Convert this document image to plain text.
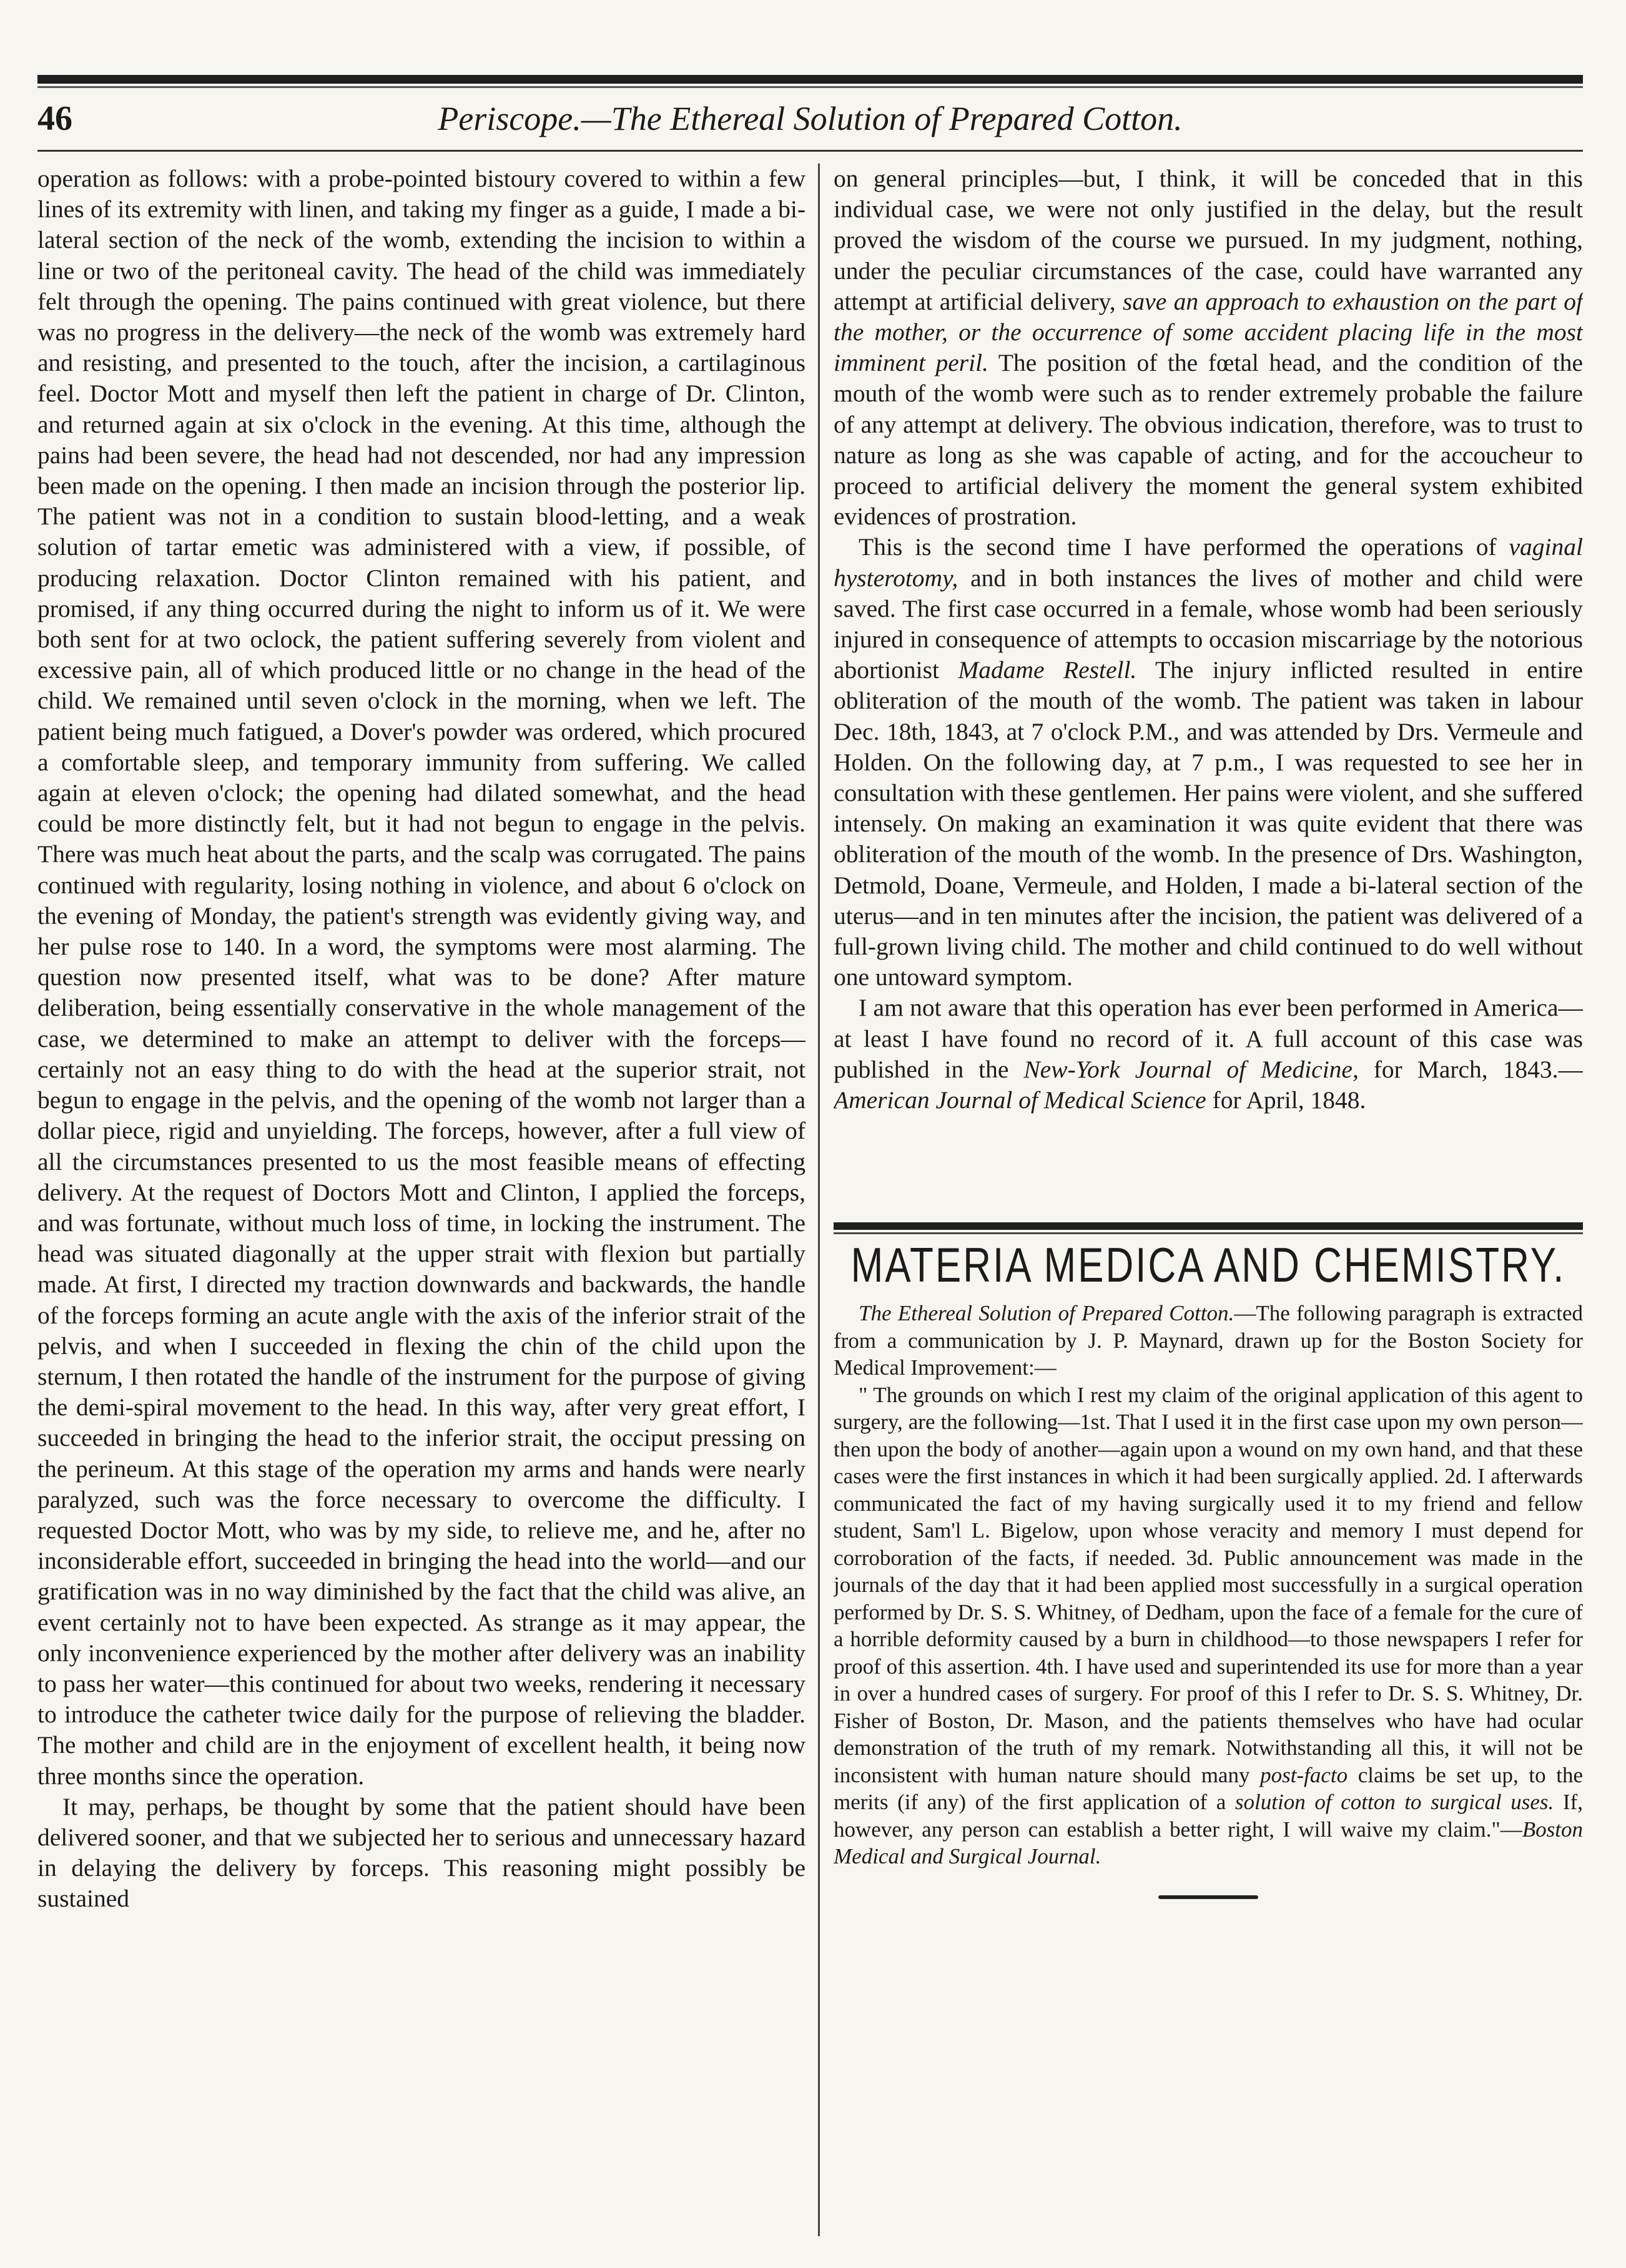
46	Periscope.—The Ethereal Solution of Prepared Cotton.

operation as follows: with a probe-pointed bistoury covered to within a few lines of its extremity with linen, and taking my finger as a guide, I made a bi-lateral section of the neck of the womb, extending the incision to within a line or two of the peritoneal cavity. The head of the child was immediately felt through the opening. The pains continued with great violence, but there was no progress in the delivery—the neck of the womb was extremely hard and resisting, and presented to the touch, after the incision, a cartilaginous feel. Doctor Mott and myself then left the patient in charge of Dr. Clinton, and returned again at six o'clock in the evening. At this time, although the pains had been severe, the head had not descended, nor had any impression been made on the opening. I then made an incision through the posterior lip. The patient was not in a condition to sustain blood-letting, and a weak solution of tartar emetic was administered with a view, if possible, of producing relaxation. Doctor Clinton remained with his patient, and promised, if any thing occurred during the night to inform us of it. We were both sent for at two oclock, the patient suffering severely from violent and excessive pain, all of which produced little or no change in the head of the child. We remained until seven o'clock in the morning, when we left. The patient being much fatigued, a Dover's powder was ordered, which procured a comfortable sleep, and temporary immunity from suffering. We called again at eleven o'clock; the opening had dilated somewhat, and the head could be more distinctly felt, but it had not begun to engage in the pelvis. There was much heat about the parts, and the scalp was corrugated. The pains continued with regularity, losing nothing in violence, and about 6 o'clock on the evening of Monday, the patient's strength was evidently giving way, and her pulse rose to 140. In a word, the symptoms were most alarming. The question now presented itself, what was to be done? After mature deliberation, being essentially conservative in the whole management of the case, we determined to make an attempt to deliver with the forceps—certainly not an easy thing to do with the head at the superior strait, not begun to engage in the pelvis, and the opening of the womb not larger than a dollar piece, rigid and unyielding. The forceps, however, after a full view of all the circumstances presented to us the most feasible means of effecting delivery. At the request of Doctors Mott and Clinton, I applied the forceps, and was fortunate, without much loss of time, in locking the instrument. The head was situated diagonally at the upper strait with flexion but partially made. At first, I directed my traction downwards and backwards, the handle of the forceps forming an acute angle with the axis of the inferior strait of the pelvis, and when I succeeded in flexing the chin of the child upon the sternum, I then rotated the handle of the instrument for the purpose of giving the demi-spiral movement to the head. In this way, after very great effort, I succeeded in bringing the head to the inferior strait, the occiput pressing on the perineum. At this stage of the operation my arms and hands were nearly paralyzed, such was the force necessary to overcome the difficulty. I requested Doctor Mott, who was by my side, to relieve me, and he, after no inconsiderable effort, succeeded in bringing the head into the world—and our gratification was in no way diminished by the fact that the child was alive, an event certainly not to have been expected. As strange as it may appear, the only inconvenience experienced by the mother after delivery was an inability to pass her water—this continued for about two weeks, rendering it necessary to introduce the catheter twice daily for the purpose of relieving the bladder. The mother and child are in the enjoyment of excellent health, it being now three months since the operation.

It may, perhaps, be thought by some that the patient should have been delivered sooner, and that we subjected her to serious and unnecessary hazard in delaying the delivery by forceps. This reasoning might possibly be sustained

on general principles—but, I think, it will be conceded that in this individual case, we were not only justified in the delay, but the result proved the wisdom of the course we pursued. In my judgment, nothing, under the peculiar circumstances of the case, could have warranted any attempt at artificial delivery, save an approach to exhaustion on the part of the mother, or the occurrence of some accident placing life in the most imminent peril. The position of the fœtal head, and the condition of the mouth of the womb were such as to render extremely probable the failure of any attempt at delivery. The obvious indication, therefore, was to trust to nature as long as she was capable of acting, and for the accoucheur to proceed to artificial delivery the moment the general system exhibited evidences of prostration.

This is the second time I have performed the operations of vaginal hysterotomy, and in both instances the lives of mother and child were saved. The first case occurred in a female, whose womb had been seriously injured in consequence of attempts to occasion miscarriage by the notorious abortionist Madame Restell. The injury inflicted resulted in entire obliteration of the mouth of the womb. The patient was taken in labour Dec. 18th, 1843, at 7 o'clock P.M., and was attended by Drs. Vermeule and Holden. On the following day, at 7 p.m., I was requested to see her in consultation with these gentlemen. Her pains were violent, and she suffered intensely. On making an examination it was quite evident that there was obliteration of the mouth of the womb. In the presence of Drs. Washington, Detmold, Doane, Vermeule, and Holden, I made a bi-lateral section of the uterus—and in ten minutes after the incision, the patient was delivered of a full-grown living child. The mother and child continued to do well without one untoward symptom.

I am not aware that this operation has ever been performed in America—at least I have found no record of it. A full account of this case was published in the New-York Journal of Medicine, for March, 1843.—American Journal of Medical Science for April, 1848.

MATERIA MEDICA AND CHEMISTRY.

The Ethereal Solution of Prepared Cotton.—The following paragraph is extracted from a communication by J. P. Maynard, drawn up for the Boston Society for Medical Improvement:—

" The grounds on which I rest my claim of the original application of this agent to surgery, are the following—1st. That I used it in the first case upon my own person—then upon the body of another—again upon a wound on my own hand, and that these cases were the first instances in which it had been surgically applied. 2d. I afterwards communicated the fact of my having surgically used it to my friend and fellow student, Sam'l L. Bigelow, upon whose veracity and memory I must depend for corroboration of the facts, if needed. 3d. Public announcement was made in the journals of the day that it had been applied most successfully in a surgical operation performed by Dr. S. S. Whitney, of Dedham, upon the face of a female for the cure of a horrible deformity caused by a burn in childhood—to those newspapers I refer for proof of this assertion. 4th. I have used and superintended its use for more than a year in over a hundred cases of surgery. For proof of this I refer to Dr. S. S. Whitney, Dr. Fisher of Boston, Dr. Mason, and the patients themselves who have had ocular demonstration of the truth of my remark. Notwithstanding all this, it will not be inconsistent with human nature should many post-facto claims be set up, to the merits (if any) of the first application of a solution of cotton to surgical uses. If, however, any person can establish a better right, I will waive my claim."—Boston Medical and Surgical Journal.
